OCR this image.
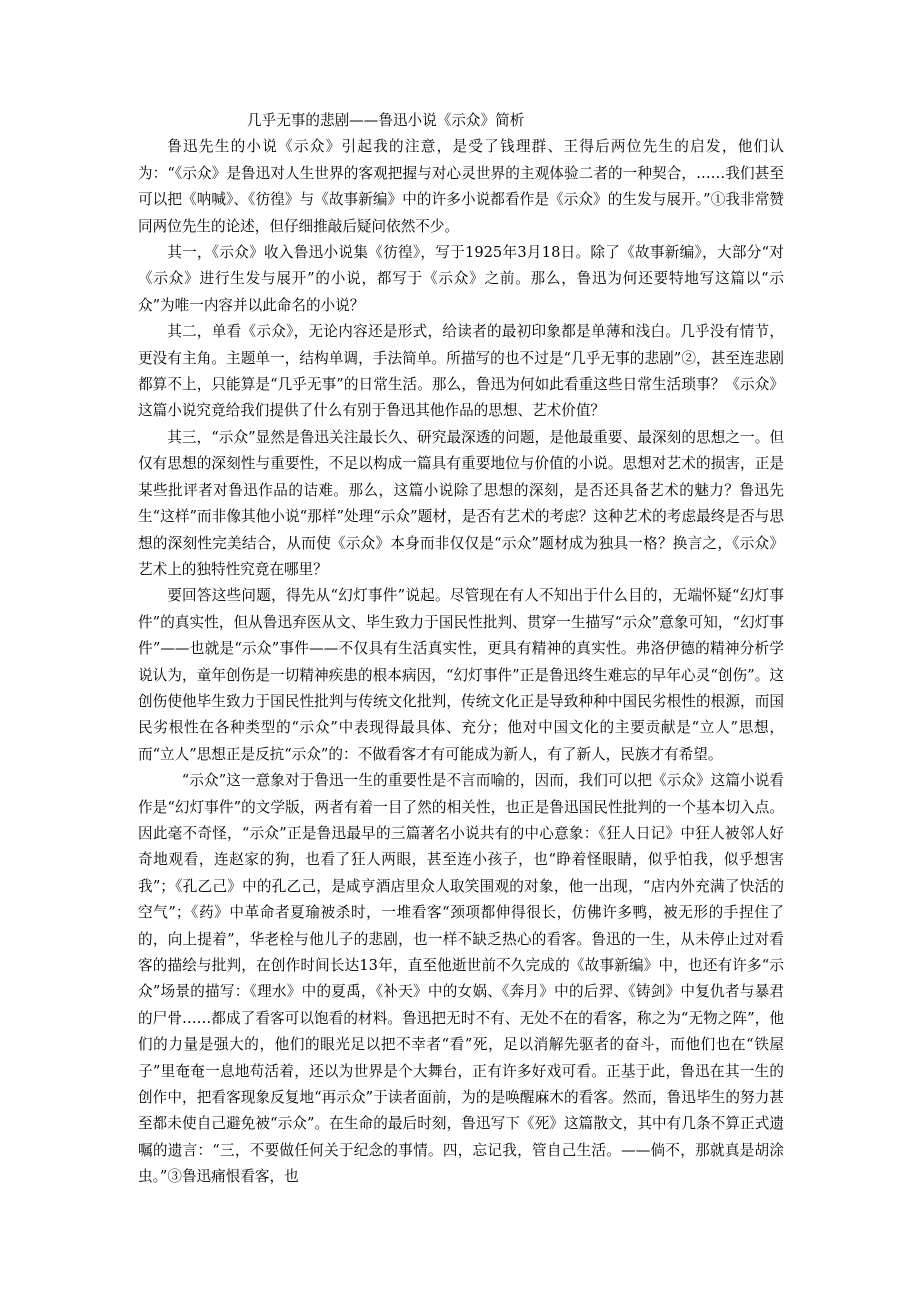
几乎无事的悲剧——鲁迅小说《示众》简析

鲁迅先生的小说《示众》引起我的注意，是受了钱理群、王得后两位先生的启发，他们认为：“《示众》是鲁迅对人生世界的客观把握与对心灵世界的主观体验二者的一种契合，……我们甚至可以把《呐喊》、《彷徨》与《故事新编》中的许多小说都看作是《示众》的生发与展开。”①我非常赞同两位先生的论述，但仔细推敲后疑问依然不少。

其一，《示众》收入鲁迅小说集《彷徨》，写于1925年3月18日。除了《故事新编》，大部分“对《示众》进行生发与展开”的小说，都写于《示众》之前。那么，鲁迅为何还要特地写这篇以“示众”为唯一内容并以此命名的小说？

其二，单看《示众》，无论内容还是形式，给读者的最初印象都是单薄和浅白。几乎没有情节，更没有主角。主题单一，结构单调，手法简单。所描写的也不过是“几乎无事的悲剧”②，甚至连悲剧都算不上，只能算是“几乎无事”的日常生活。那么，鲁迅为何如此看重这些日常生活琐事？《示众》这篇小说究竟给我们提供了什么有别于鲁迅其他作品的思想、艺术价值？

其三，“示众”显然是鲁迅关注最长久、研究最深透的问题，是他最重要、最深刻的思想之一。但仅有思想的深刻性与重要性，不足以构成一篇具有重要地位与价值的小说。思想对艺术的损害，正是某些批评者对鲁迅作品的诘难。那么，这篇小说除了思想的深刻，是否还具备艺术的魅力？鲁迅先生“这样”而非像其他小说“那样”处理“示众”题材，是否有艺术的考虑？这种艺术的考虑最终是否与思想的深刻性完美结合，从而使《示众》本身而非仅仅是“示众”题材成为独具一格？换言之，《示众》艺术上的独特性究竟在哪里？

要回答这些问题，得先从“幻灯事件”说起。尽管现在有人不知出于什么目的，无端怀疑“幻灯事件”的真实性，但从鲁迅弃医从文、毕生致力于国民性批判、贯穿一生描写“示众”意象可知，“幻灯事件”——也就是“示众”事件——不仅具有生活真实性，更具有精神的真实性。弗洛伊德的精神分析学说认为，童年创伤是一切精神疾患的根本病因，“幻灯事件”正是鲁迅终生难忘的早年心灵“创伤”。这创伤使他毕生致力于国民性批判与传统文化批判，传统文化正是导致种种中国民劣根性的根源，而国民劣根性在各种类型的“示众”中表现得最具体、充分；他对中国文化的主要贡献是“立人”思想，而“立人”思想正是反抗“示众”的：不做看客才有可能成为新人，有了新人，民族才有希望。

“示众”这一意象对于鲁迅一生的重要性是不言而喻的，因而，我们可以把《示众》这篇小说看作是“幻灯事件”的文学版，两者有着一目了然的相关性，也正是鲁迅国民性批判的一个基本切入点。因此毫不奇怪，“示众”正是鲁迅最早的三篇著名小说共有的中心意象：《狂人日记》中狂人被邻人好奇地观看，连赵家的狗，也看了狂人两眼，甚至连小孩子，也“睁着怪眼睛，似乎怕我，似乎想害我”；《孔乙己》中的孔乙己，是咸亨酒店里众人取笑围观的对象，他一出现，“店内外充满了快活的空气”；《药》中革命者夏瑜被杀时，一堆看客“颈项都伸得很长，仿佛许多鸭，被无形的手捏住了的，向上提着”，华老栓与他儿子的悲剧，也一样不缺乏热心的看客。鲁迅的一生，从未停止过对看客的描绘与批判，在创作时间长达13年，直至他逝世前不久完成的《故事新编》中，也还有许多“示众”场景的描写：《理水》中的夏禹，《补天》中的女娲、《奔月》中的后羿、《铸剑》中复仇者与暴君的尸骨……都成了看客可以饱看的材料。鲁迅把无时不有、无处不在的看客，称之为“无物之阵”，他们的力量是强大的，他们的眼光足以把不幸者“看”死，足以消解先驱者的奋斗，而他们也在“铁屋子”里奄奄一息地苟活着，还以为世界是个大舞台，正有许多好戏可看。正基于此，鲁迅在其一生的创作中，把看客现象反复地“再示众”于读者面前，为的是唤醒麻木的看客。然而，鲁迅毕生的努力甚至都未使自己避免被“示众”。在生命的最后时刻，鲁迅写下《死》这篇散文，其中有几条不算正式遗嘱的遗言：“三，不要做任何关于纪念的事情。四，忘记我，管自己生活。——倘不，那就真是胡涂虫。”③鲁迅痛恨看客，也
